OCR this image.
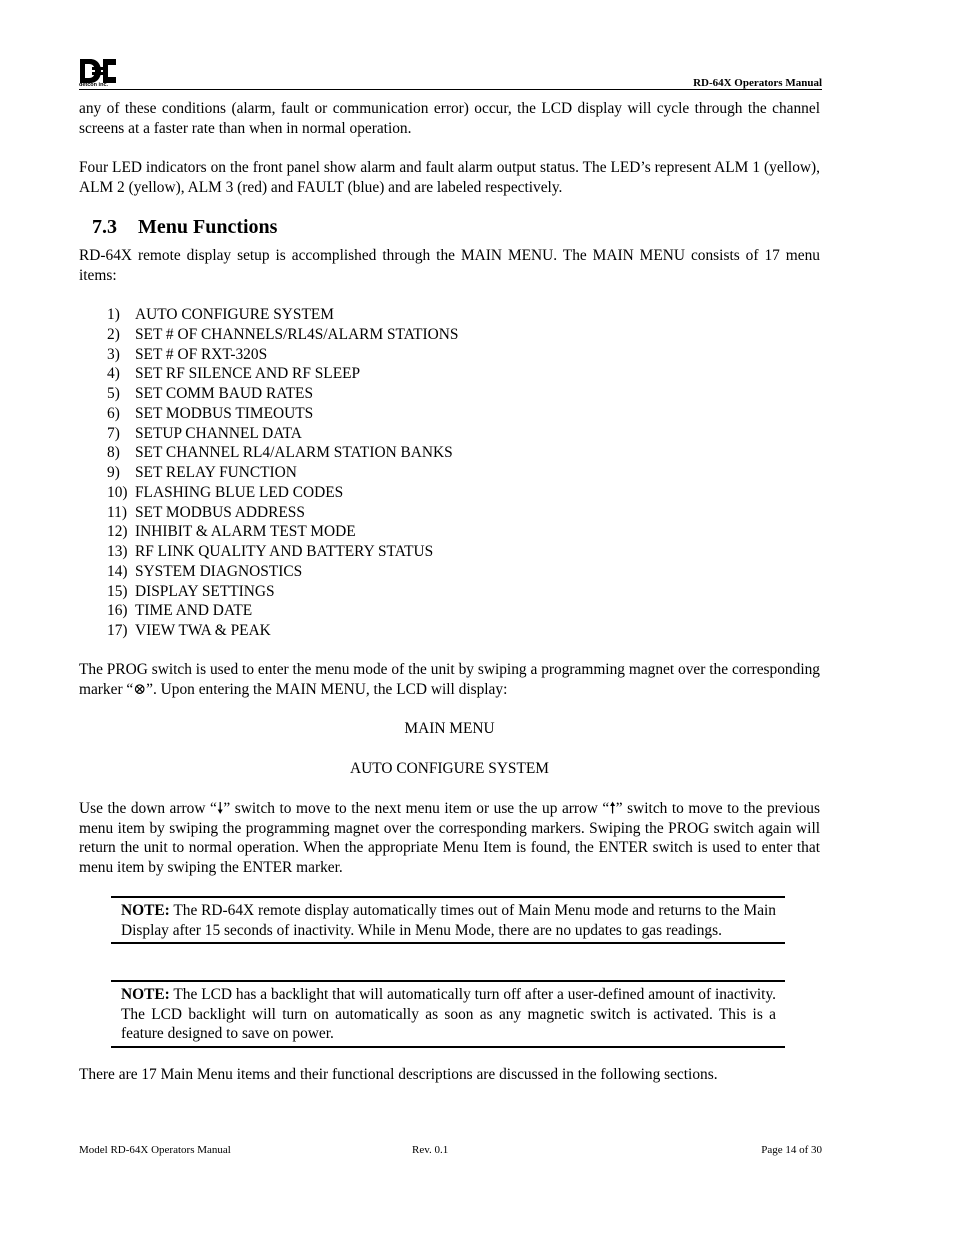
detcon inc.	RD-64X Operators Manual
any of these conditions (alarm, fault or communication error) occur, the LCD display will cycle through the channel screens at a faster rate than when in normal operation.
Four LED indicators on the front panel show alarm and fault alarm output status. The LED’s represent ALM 1 (yellow), ALM 2 (yellow), ALM 3 (red) and FAULT (blue) and are labeled respectively.
7.3 Menu Functions
RD-64X remote display setup is accomplished through the MAIN MENU. The MAIN MENU consists of 17 menu items:
1) AUTO CONFIGURE SYSTEM
2) SET # OF CHANNELS/RL4S/ALARM STATIONS
3) SET # OF RXT-320S
4) SET RF SILENCE AND RF SLEEP
5) SET COMM BAUD RATES
6) SET MODBUS TIMEOUTS
7) SETUP CHANNEL DATA
8) SET CHANNEL RL4/ALARM STATION BANKS
9) SET RELAY FUNCTION
10) FLASHING BLUE LED CODES
11) SET MODBUS ADDRESS
12) INHIBIT & ALARM TEST MODE
13) RF LINK QUALITY AND BATTERY STATUS
14) SYSTEM DIAGNOSTICS
15) DISPLAY SETTINGS
16) TIME AND DATE
17) VIEW TWA & PEAK
The PROG switch is used to enter the menu mode of the unit by swiping a programming magnet over the corresponding marker “⊗”. Upon entering the MAIN MENU, the LCD will display:
MAIN MENU
AUTO CONFIGURE SYSTEM
Use the down arrow “🠗” switch to move to the next menu item or use the up arrow “🠕” switch to move to the previous menu item by swiping the programming magnet over the corresponding markers. Swiping the PROG switch again will return the unit to normal operation. When the appropriate Menu Item is found, the ENTER switch is used to enter that menu item by swiping the ENTER marker.
NOTE: The RD-64X remote display automatically times out of Main Menu mode and returns to the Main Display after 15 seconds of inactivity. While in Menu Mode, there are no updates to gas readings.
NOTE: The LCD has a backlight that will automatically turn off after a user-defined amount of inactivity. The LCD backlight will turn on automatically as soon as any magnetic switch is activated. This is a feature designed to save on power.
There are 17 Main Menu items and their functional descriptions are discussed in the following sections.
Model RD-64X Operators Manual	Rev. 0.1	Page 14 of 30
